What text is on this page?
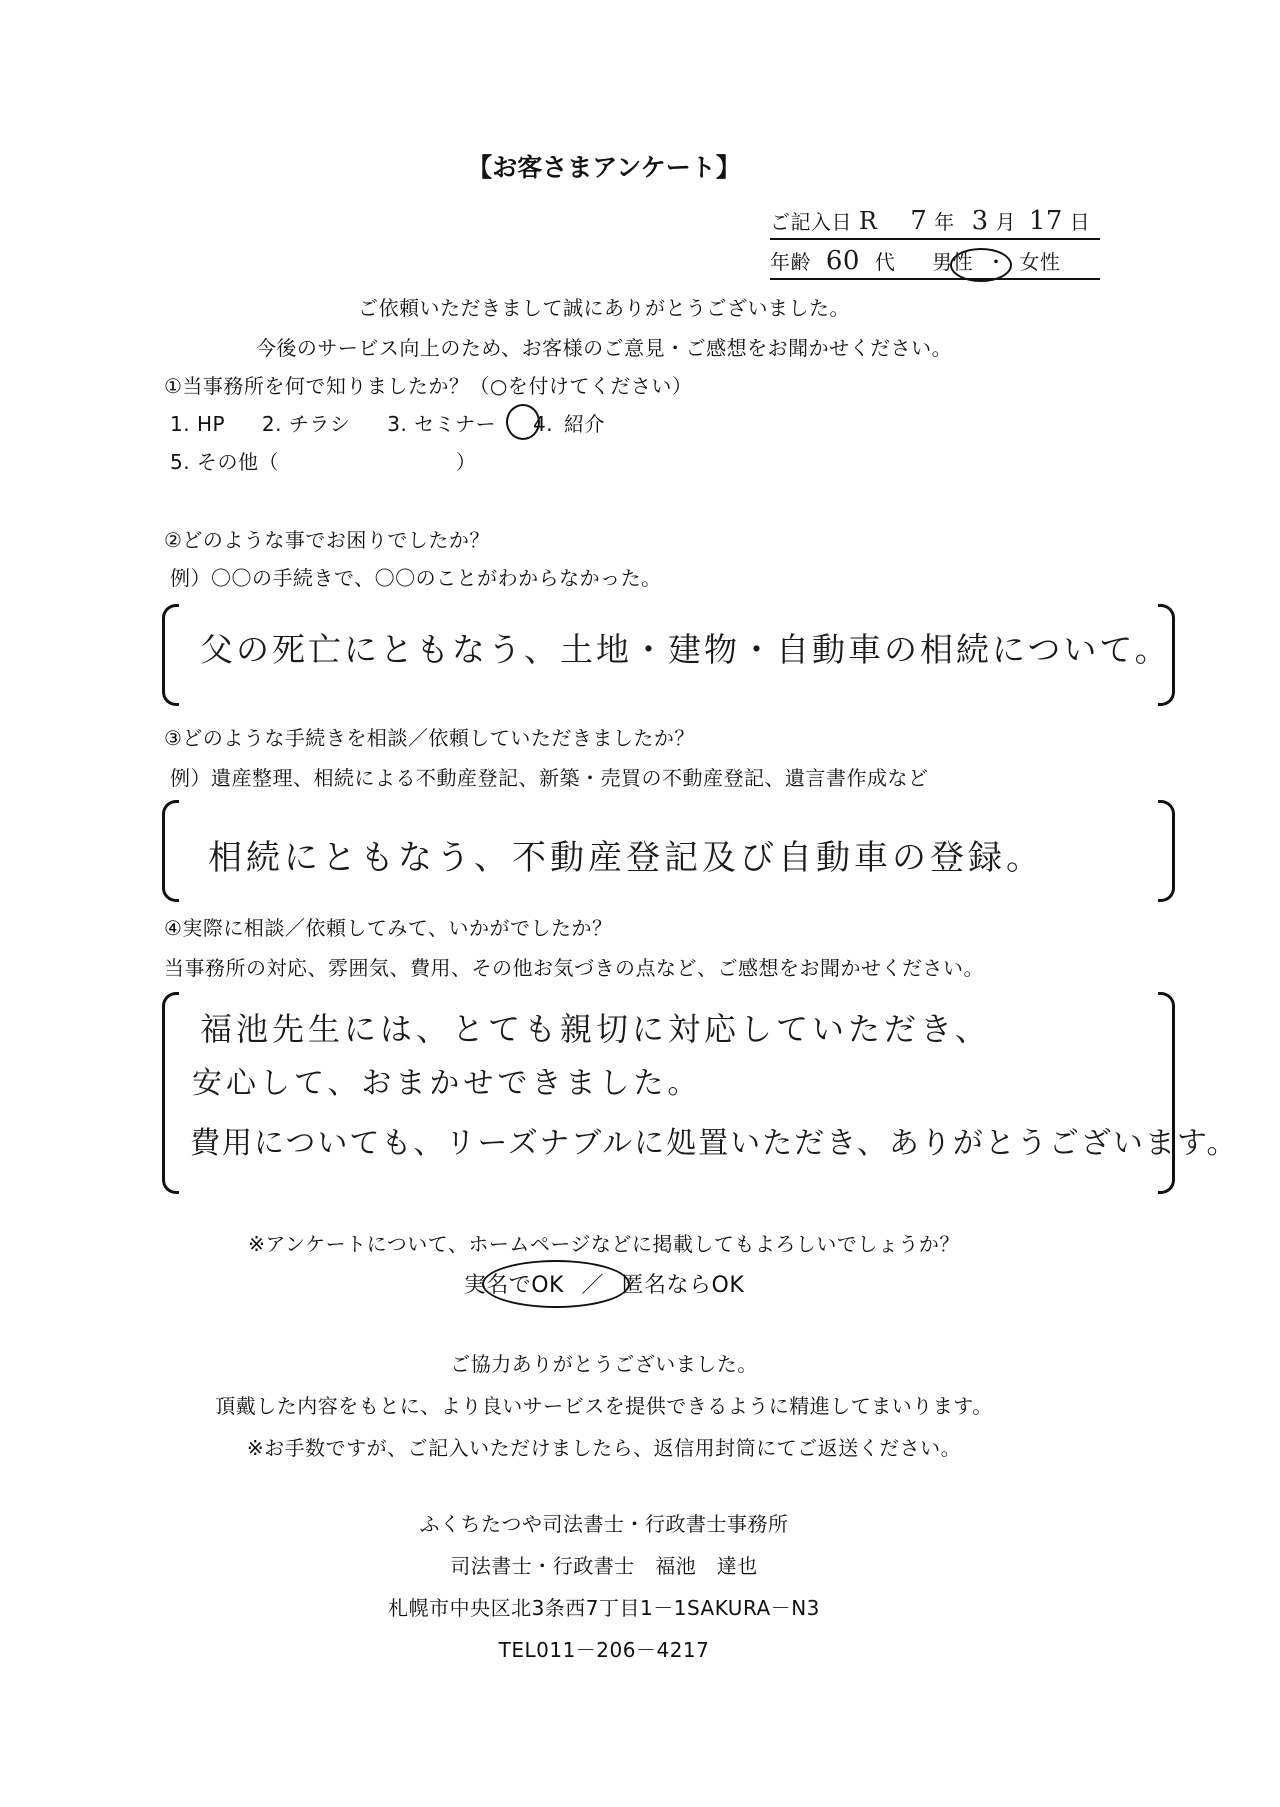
【お客さまアンケート】
ご記入日 R 7 年 3 月 17 日
年齢 60 代 男性 ・ 女性
ご依頼いただきまして誠にありがとうございました。
今後のサービス向上のため、お客様のご意見・ご感想をお聞かせください。
①当事務所を何で知りましたか？（○を付けてください）
1. HP 2. チラシ 3. セミナー 4. 紹介
5. その他（	）
②どのような事でお困りでしたか？
例）〇〇の手続きで、〇〇のことがわからなかった。
父の死亡にともなう、土地・建物・自動車の相続について。
③どのような手続きを相談／依頼していただきましたか？
例）遺産整理、相続による不動産登記、新築・売買の不動産登記、遺言書作成など
相続にともなう、不動産登記及び自動車の登録。
④実際に相談／依頼してみて、いかがでしたか？
当事務所の対応、雰囲気、費用、その他お気づきの点など、ご感想をお聞かせください。
福池先生には、とても親切に対応していただき、
安心して、おまかせできました。
費用についても、リーズナブルに処置いただき、ありがとうございます。
※アンケートについて、ホームページなどに掲載してもよろしいでしょうか？
実名でOK ／ 匿名ならOK
ご協力ありがとうございました。
頂戴した内容をもとに、より良いサービスを提供できるように精進してまいります。
※お手数ですが、ご記入いただけましたら、返信用封筒にてご返送ください。
ふくちたつや司法書士・行政書士事務所
司法書士・行政書士　福池　達也
札幌市中央区北3条西7丁目1－1SAKURA－N3
TEL011－206－4217
